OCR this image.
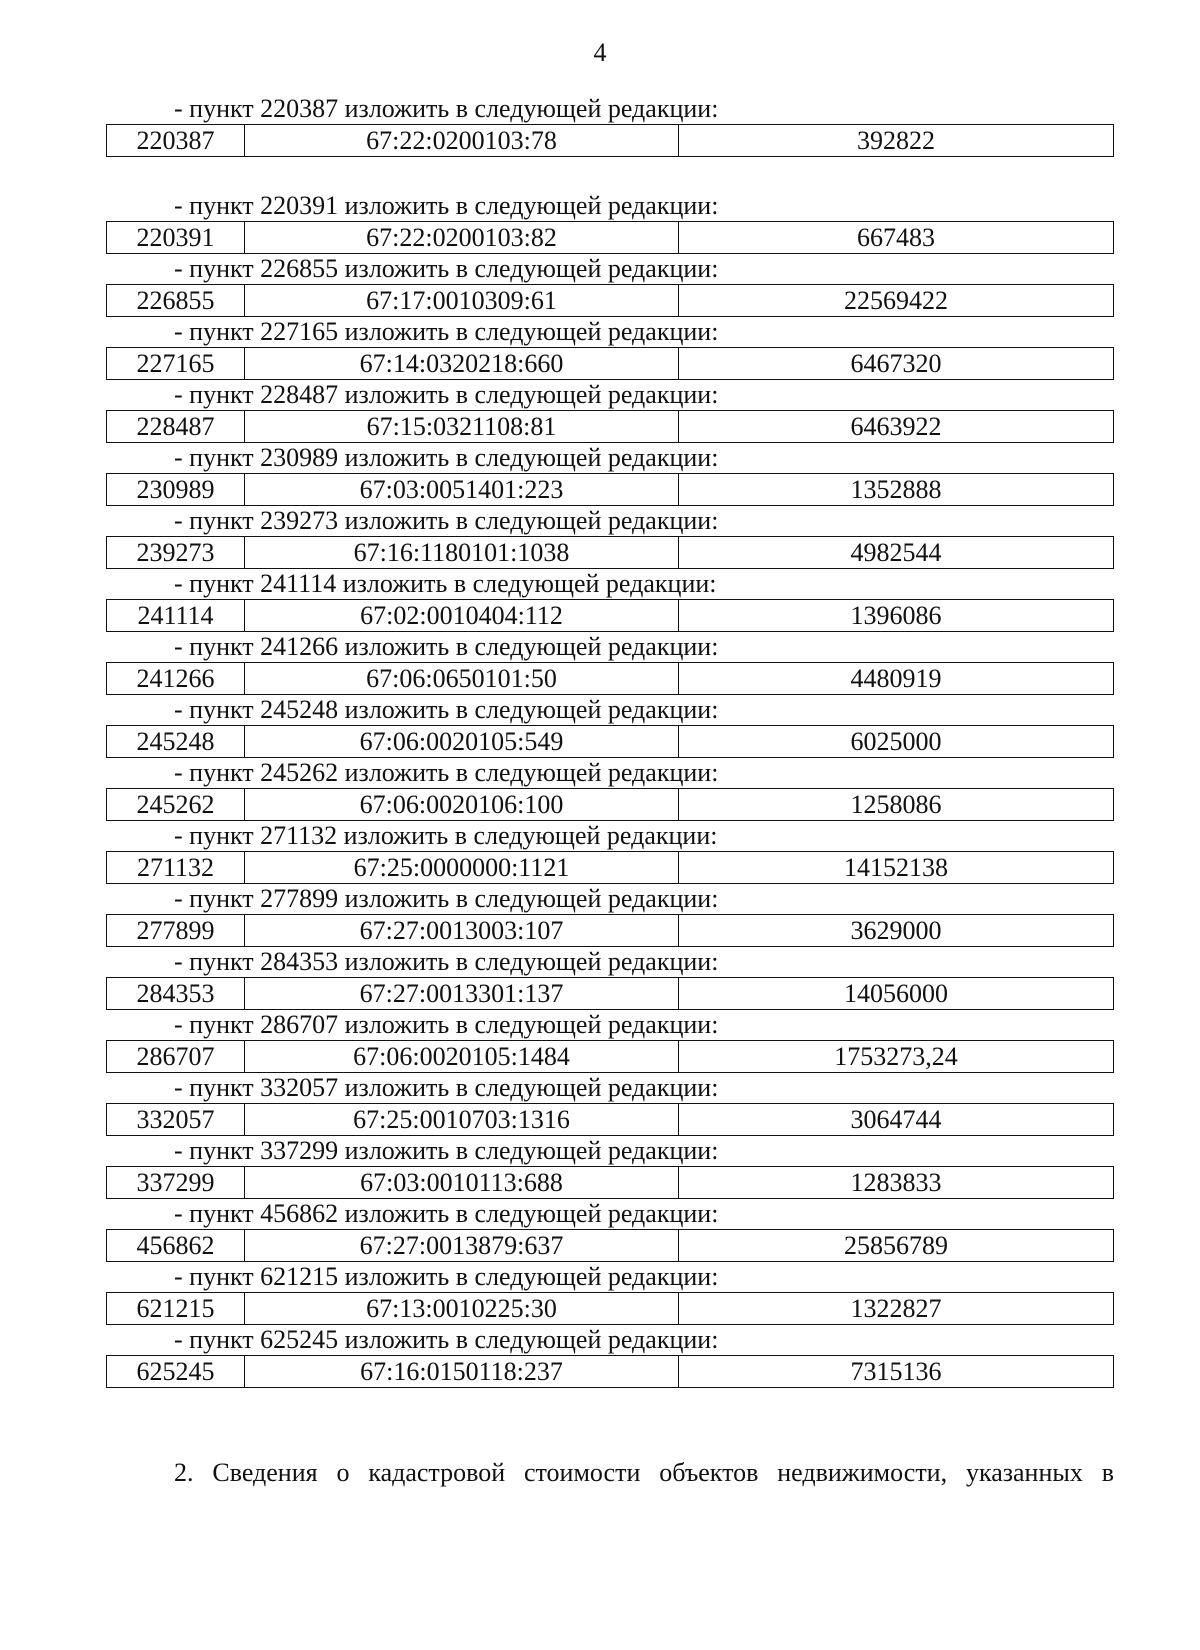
4
- пункт 220387 изложить в следующей редакции:
220387	67:22:0200103:78	392822
- пункт 220391 изложить в следующей редакции:
220391	67:22:0200103:82	667483
- пункт 226855 изложить в следующей редакции:
226855	67:17:0010309:61	22569422
- пункт 227165 изложить в следующей редакции:
227165	67:14:0320218:660	6467320
- пункт 228487 изложить в следующей редакции:
228487	67:15:0321108:81	6463922
- пункт 230989 изложить в следующей редакции:
230989	67:03:0051401:223	1352888
- пункт 239273 изложить в следующей редакции:
239273	67:16:1180101:1038	4982544
- пункт 241114 изложить в следующей редакции:
241114	67:02:0010404:112	1396086
- пункт 241266 изложить в следующей редакции:
241266	67:06:0650101:50	4480919
- пункт 245248 изложить в следующей редакции:
245248	67:06:0020105:549	6025000
- пункт 245262 изложить в следующей редакции:
245262	67:06:0020106:100	1258086
- пункт 271132 изложить в следующей редакции:
271132	67:25:0000000:1121	14152138
- пункт 277899 изложить в следующей редакции:
277899	67:27:0013003:107	3629000
- пункт 284353 изложить в следующей редакции:
284353	67:27:0013301:137	14056000
- пункт 286707 изложить в следующей редакции:
286707	67:06:0020105:1484	1753273,24
- пункт 332057 изложить в следующей редакции:
332057	67:25:0010703:1316	3064744
- пункт 337299 изложить в следующей редакции:
337299	67:03:0010113:688	1283833
- пункт 456862 изложить в следующей редакции:
456862	67:27:0013879:637	25856789
- пункт 621215 изложить в следующей редакции:
621215	67:13:0010225:30	1322827
- пункт 625245 изложить в следующей редакции:
625245	67:16:0150118:237	7315136
2. Сведения о кадастровой стоимости объектов недвижимости, указанных в
